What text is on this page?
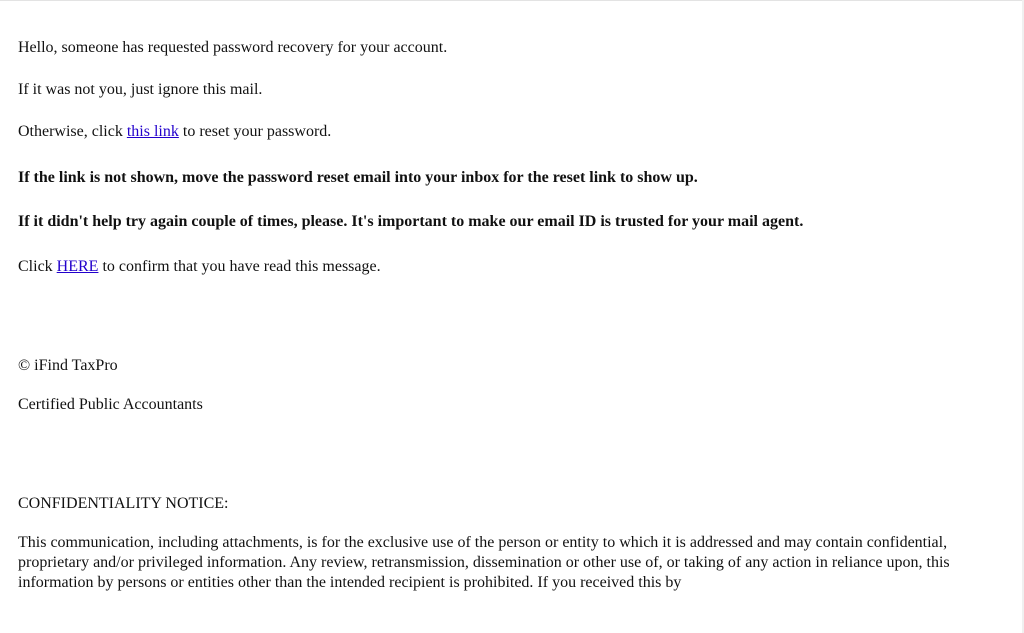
Hello, someone has requested password recovery for your account.
If it was not you, just ignore this mail.
Otherwise, click this link to reset your password.
If the link is not shown, move the password reset email into your inbox for the reset link to show up.
If it didn't help try again couple of times, please. It's important to make our email ID is trusted for your mail agent.
Click HERE to confirm that you have read this message.
© iFind TaxPro
Certified Public Accountants
CONFIDENTIALITY NOTICE:
This communication, including attachments, is for the exclusive use of the person or entity to which it is addressed and may contain confidential, proprietary and/or privileged information. Any review, retransmission, dissemination or other use of, or taking of any action in reliance upon, this information by persons or entities other than the intended recipient is prohibited. If you received this by
